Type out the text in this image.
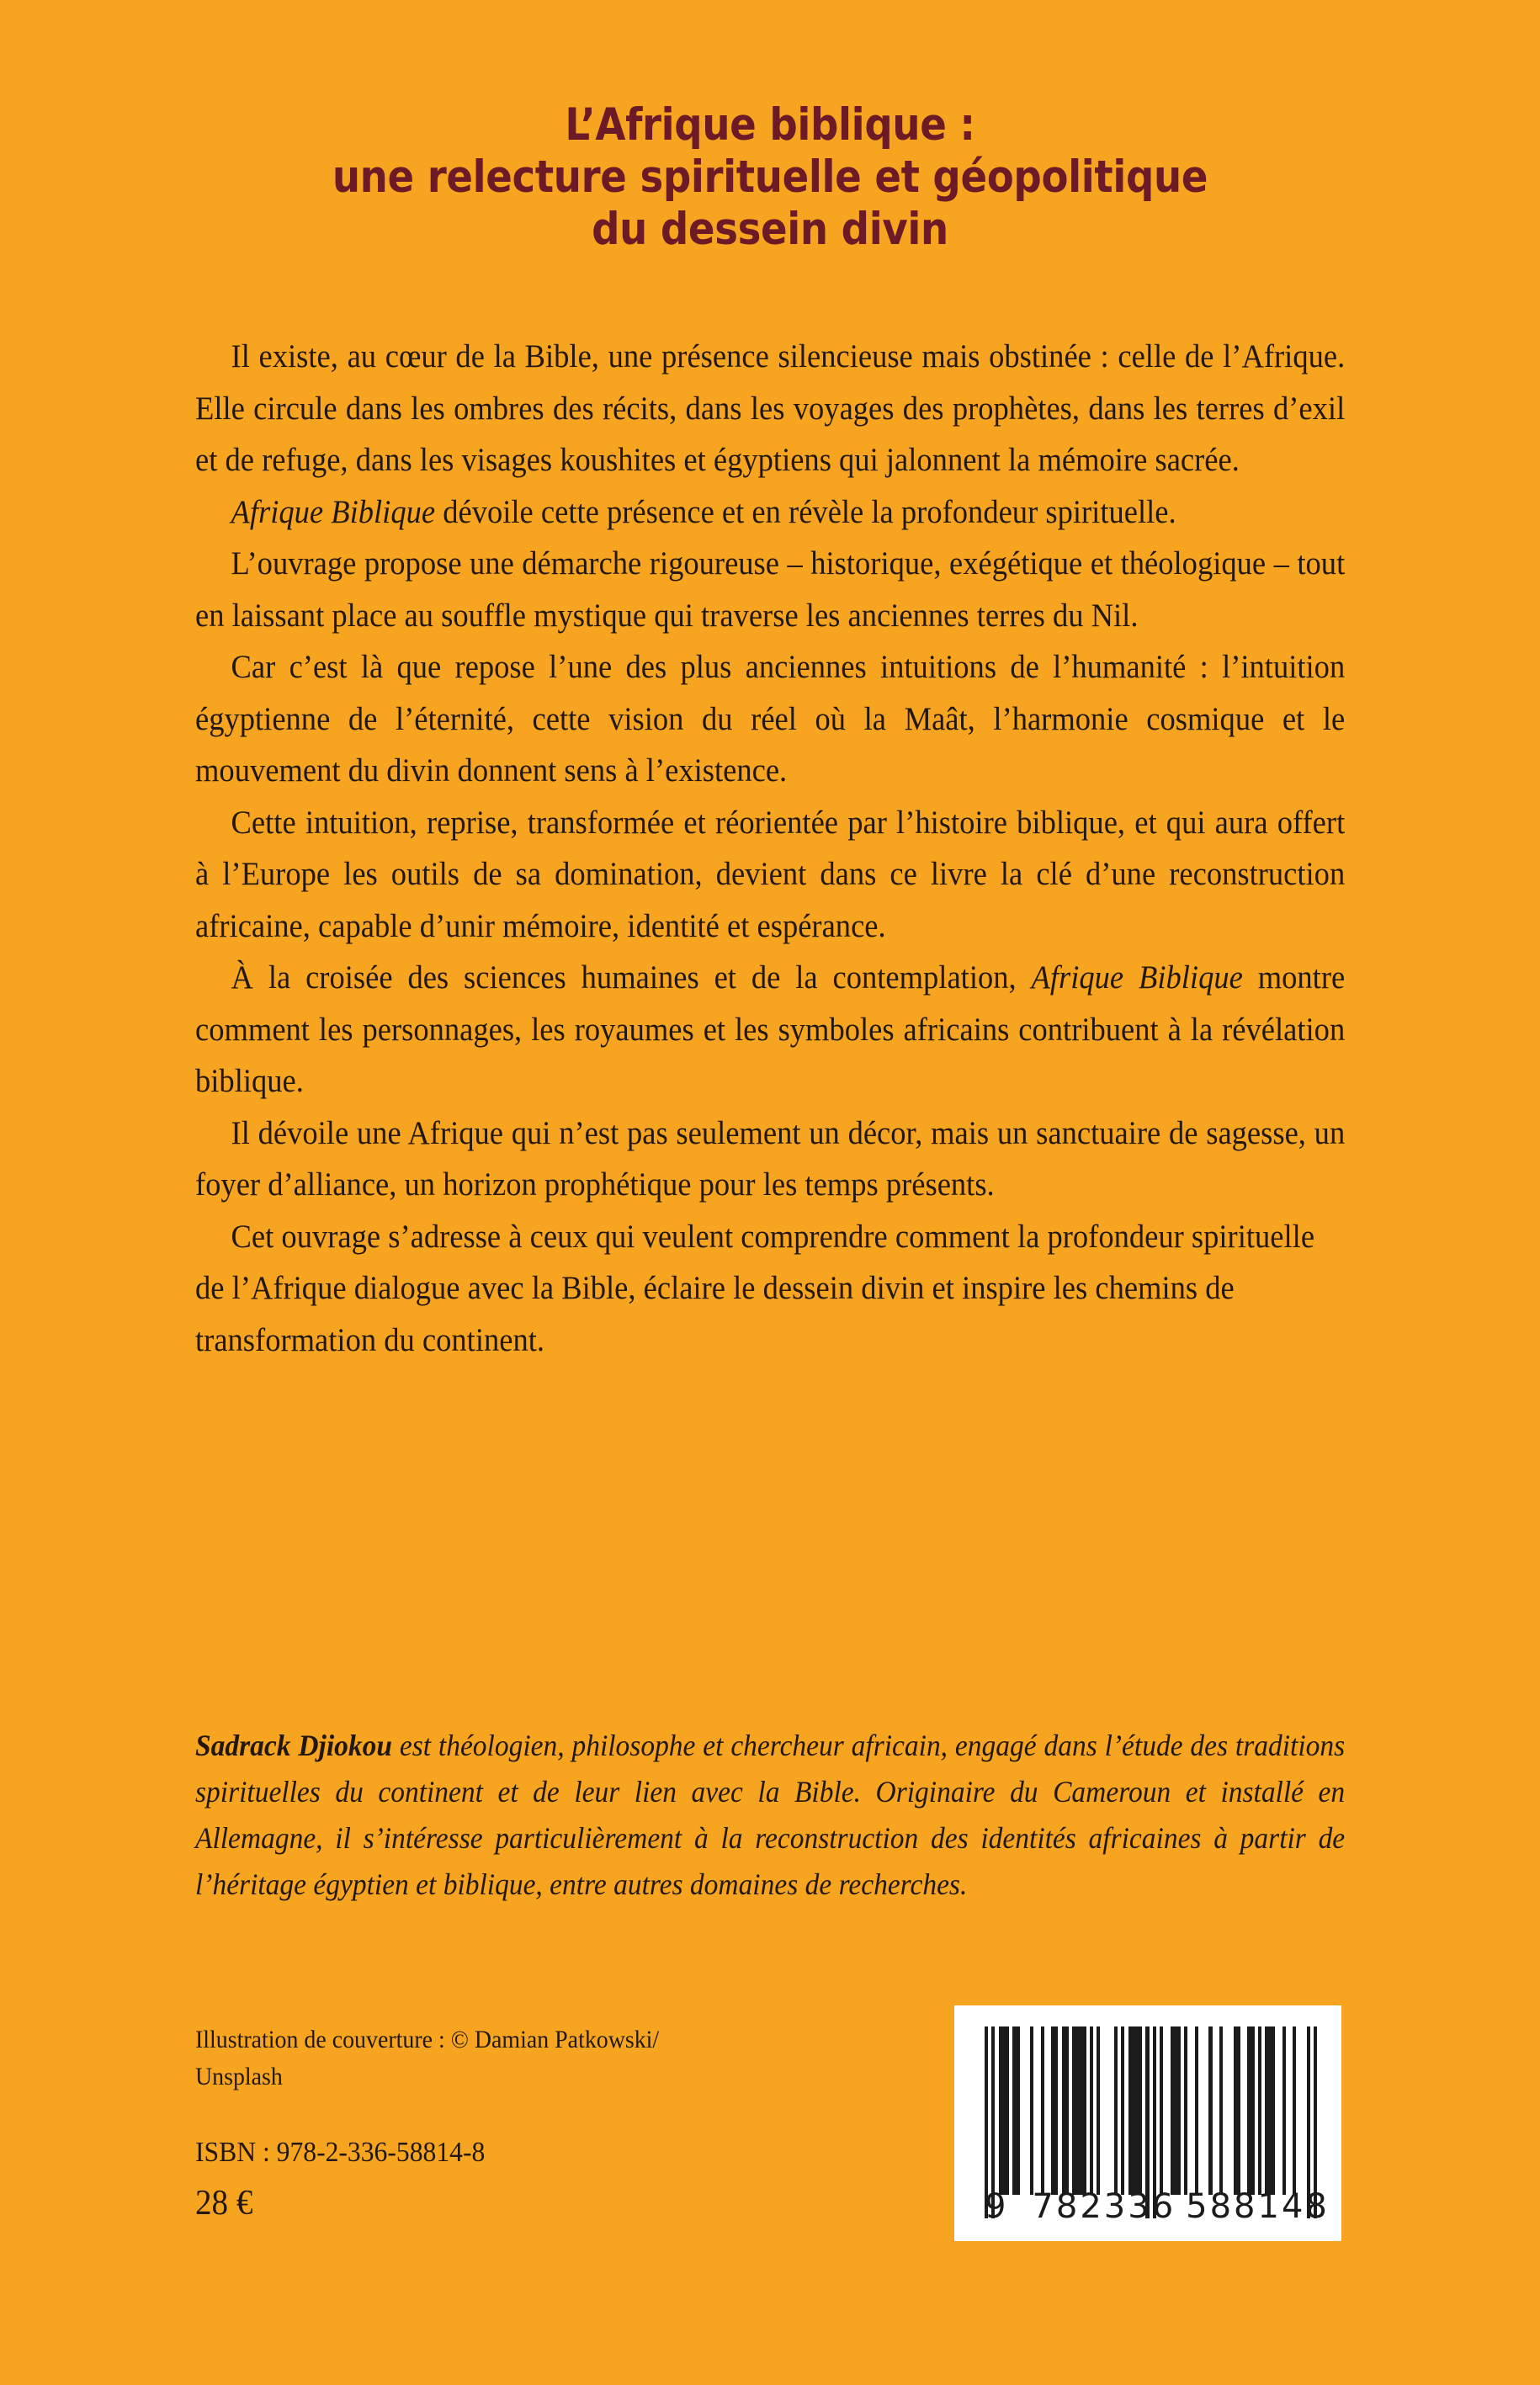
L’Afrique biblique :
une relecture spirituelle et géopolitique
du dessein divin

Il existe, au cœur de la Bible, une présence silencieuse mais obstinée : celle de l’Afrique. Elle circule dans les ombres des récits, dans les voyages des prophètes, dans les terres d’exil et de refuge, dans les visages koushites et égyptiens qui jalonnent la mémoire sacrée.

Afrique Biblique dévoile cette présence et en révèle la profondeur spirituelle.

L’ouvrage propose une démarche rigoureuse – historique, exégétique et théologique – tout en laissant place au souffle mystique qui traverse les anciennes terres du Nil.

Car c’est là que repose l’une des plus anciennes intuitions de l’humanité : l’intuition égyptienne de l’éternité, cette vision du réel où la Maât, l’harmonie cosmique et le mouvement du divin donnent sens à l’existence.

Cette intuition, reprise, transformée et réorientée par l’histoire biblique, et qui aura offert à l’Europe les outils de sa domination, devient dans ce livre la clé d’une reconstruction africaine, capable d’unir mémoire, identité et espérance.

À la croisée des sciences humaines et de la contemplation, Afrique Biblique montre comment les personnages, les royaumes et les symboles africains contribuent à la révélation biblique.

Il dévoile une Afrique qui n’est pas seulement un décor, mais un sanctuaire de sagesse, un foyer d’alliance, un horizon prophétique pour les temps présents.

Cet ouvrage s’adresse à ceux qui veulent comprendre comment la profondeur spirituelle de l’Afrique dialogue avec la Bible, éclaire le dessein divin et inspire les chemins de transformation du continent.

Sadrack Djiokou est théologien, philosophe et chercheur africain, engagé dans l’étude des traditions spirituelles du continent et de leur lien avec la Bible. Originaire du Cameroun et installé en Allemagne, il s’intéresse particulièrement à la reconstruction des identités africaines à partir de l’héritage égyptien et biblique, entre autres domaines de recherches.

Illustration de couverture : © Damian Patkowski/
Unsplash
ISBN : 978-2-336-58814-8
28 €	9 782336 588148
